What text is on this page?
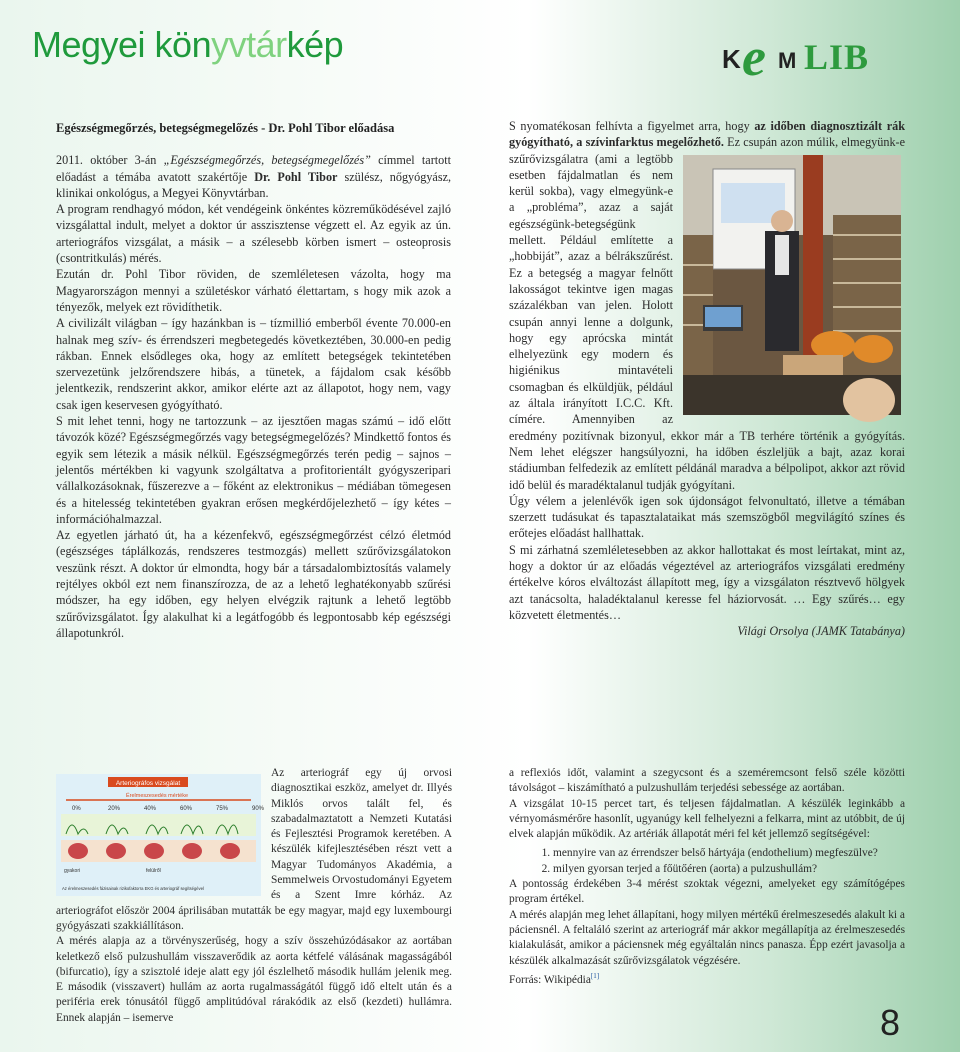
Megyei könyvtárkép	K e M LIB
Egészségmegőrzés, betegségmegelőzés - Dr. Pohl Tibor előadása

2011. október 3-án „Egészségmegőrzés, betegségmegelőzés” címmel tartott előadást a témába avatott szakértője Dr. Pohl Tibor szülész, nőgyógyász, klinikai onkológus, a Megyei Könyvtárban.

A program rendhagyó módon, két vendégeink önkéntes közreműködésével zajló vizsgálattal indult, melyet a doktor úr asszisztense végzett el. Az egyik az ún. arteriográfos vizsgálat, a másik – a szélesebb körben ismert – osteoprosis (csontritkulás) mérés.

Ezután dr. Pohl Tibor röviden, de szemléletesen vázolta, hogy ma Magyarországon mennyi a születéskor várható élettartam, s hogy mik azok a tényezők, melyek ezt rövidíthetik.

A civilizált világban – így hazánkban is – tízmillió emberből évente 70.000-en halnak meg szív- és érrendszeri megbetegedés következtében, 30.000-en pedig rákban. Ennek elsődleges oka, hogy az említett betegségek tekintetében szervezetünk jelzőrendszere hibás, a tünetek, a fájdalom csak később jelentkezik, rendszerint akkor, amikor elérte azt az állapotot, hogy nem, vagy csak igen keservesen gyógyítható.

S mit lehet tenni, hogy ne tartozzunk – az ijesztően magas számú – idő előtt távozók közé? Egészségmegőrzés vagy betegségmegelőzés? Mindkettő fontos és egyik sem létezik a másik nélkül. Egészségmegőrzés terén pedig – sajnos – jelentős mértékben ki vagyunk szolgáltatva a profitorientált gyógyszeripari vállalkozásoknak, fűszerezve a – főként az elektronikus – médiában tömegesen és a hitelesség tekintetében gyakran erősen megkérdőjelezhető – így kétes – információhalmazzal.

Az egyetlen járható út, ha a kézenfekvő, egészségmegőrzést célzó életmód (egészséges táplálkozás, rendszeres testmozgás) mellett szűrővizsgálatokon veszünk részt. A doktor úr elmondta, hogy bár a társadalombiztosítás valamely rejtélyes okból ezt nem finanszírozza, de az a lehető leghatékonyabb szűrési módszer, ha egy időben, egy helyen elvégzik rajtunk a lehető legtöbb szűrővizsgálatot. Így alakulhat ki a legátfogóbb és legpontosabb kép egészségi állapotunkról.

S nyomatékosan felhívta a figyelmet arra, hogy az időben diagnosztizált rák gyógyítható, a szívinfarktus megelőzhető. Ez csupán azon múlik, elmegyünk-e szűrővizsgálatra (ami a legtöbb esetben fájdalmatlan és nem kerül sokba), vagy elmegyünk-e a „probléma”, azaz a saját egészségünk-betegségünk mellett. Például említette a „hobbiját”, azaz a bélrákszűrést. Ez a betegség a magyar felnőtt lakosságot tekintve igen magas százalékban van jelen. Holott csupán annyi lenne a dolgunk, hogy egy aprócska mintát elhelyezünk egy modern és higiénikus mintavételi csomagban és elküldjük, például az általa irányított I.C.C. Kft. címére. Amennyiben az eredmény pozitívnak bizonyul, ekkor már a TB terhére történik a gyógyítás. Nem lehet elégszer hangsúlyozni, ha időben észleljük a bajt, azaz korai stádiumban felfedezik az említett példánál maradva a bélpolipot, akkor azt rövid idő belül és maradéktalanul tudják gyógyítani.

Úgy vélem a jelenlévők igen sok újdonságot felvonultató, illetve a témában szerzett tudásukat és tapasztalataikat más szemszögből megvilágító színes és erőtejes előadást hallhattak.

S mi zárhatná szemléletesebben az akkor hallottakat és most leírtakat, mint az, hogy a doktor úr az előadás végeztével az arteriográfos vizsgálati eredmény értékelve kóros elváltozást állapított meg, így a vizsgálaton résztvevő hölgyek azt tanácsolta, haladéktalanul keresse fel háziorvosát. … Egy szűrés… egy közvetett életmentés…

Világi Orsolya (JAMK Tatabánya)

Arteriográfos vizsgálat
Érelmeszesedés mértéke
0%	20%	40%	60%	75%	90%
gyakori	felülről
Az érelmeszesedés fázisainak rizikofaktorra EKG és arteriográf segítségével
Az arteriográf egy új orvosi diagnosztikai eszköz, amelyet dr. Illyés Miklós orvos talált fel, és szabadalmaztatott a Nemzeti Kutatási és Fejlesztési Programok keretében. A készülék kifejlesztésében részt vett a Magyar Tudományos Akadémia, a Semmelweis Orvostudományi Egyetem és a Szent Imre kórház. Az arteriográfot először 2004 áprilisában mutatták be egy magyar, majd egy luxembourgi gyógyászati szakkiállításon.

A mérés alapja az a törvényszerűség, hogy a szív összehúzódásakor az aortában keletkező első pulzushullám visszaverődik az aorta kétfelé válásának magasságából (bifurcatio), így a szisztolé ideje alatt egy jól észlelhető második hullám jelenik meg. E második (visszavert) hullám az aorta rugalmasságától függő idő eltelt után és a periféria erek tónusától függő amplitúdóval rárakódik az első (kezdeti) hullámra. Ennek alapján – isemerve

a reflexiós időt, valamint a szegycsont és a szeméremcsont felső széle közötti távolságot – kiszámítható a pulzushullám terjedési sebessége az aortában.

A vizsgálat 10-15 percet tart, és teljesen fájdalmatlan. A készülék leginkább a vérnyomásmérőre hasonlít, ugyanúgy kell felhelyezni a felkarra, mint az utóbbit, de új elvek alapján működik. Az artériák állapotát méri fel két jellemző segítségével:

1. mennyire van az érrendszer belső hártyája (endothelium) megfeszülve?
2. milyen gyorsan terjed a főütőéren (aorta) a pulzushullám?

A pontosság érdekében 3-4 mérést szoktak végezni, amelyeket egy számítógépes program értékel.

A mérés alapján meg lehet állapítani, hogy milyen mértékű érelmeszesedés alakult ki a páciensnél. A feltaláló szerint az arteriográf már akkor megállapítja az érelmeszesedés kialakulását, amikor a páciensnek még egyáltalán nincs panasza. Épp ezért javasolja a készülék alkalmazását szűrővizsgálatok végzésére.

Forrás: Wikipédia[1]

8
